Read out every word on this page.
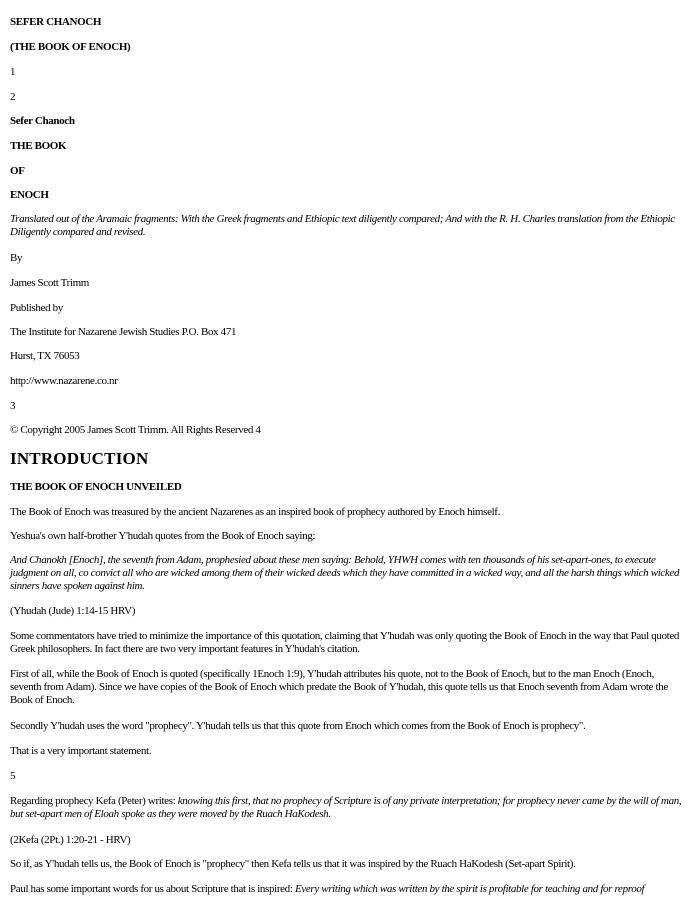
SEFER CHANOCH

(THE BOOK OF ENOCH)

1

2

Sefer Chanoch

THE BOOK

OF

ENOCH

Translated out of the Aramaic fragments: With the Greek fragments and Ethiopic text diligently compared; And with the R. H. Charles translation from the Ethiopic Diligently compared and revised.

By

James Scott Trimm

Published by

The Institute for Nazarene Jewish Studies P.O. Box 471

Hurst, TX 76053

http://www.nazarene.co.nr

3

© Copyright 2005 James Scott Trimm. All Rights Reserved 4

INTRODUCTION

THE BOOK OF ENOCH UNVEILED

The Book of Enoch was treasured by the ancient Nazarenes as an inspired book of prophecy authored by Enoch himself.

Yeshua's own half-brother Y'hudah quotes from the Book of Enoch saying:

And Chanokh [Enoch], the seventh from Adam, prophesied about these men saying: Behold, YHWH comes with ten thousands of his set-apart-ones, to execute judgment on all, co convict all who are wicked among them of their wicked deeds which they have committed in a wicked way, and all the harsh things which wicked sinners have spoken against him.

(Yhudah (Jude) 1:14-15 HRV)

Some commentators have tried to minimize the importance of this quotation, claiming that Y'hudah was only quoting the Book of Enoch in the way that Paul quoted Greek philosophers. In fact there are two very important features in Y'hudah's citation.

First of all, while the Book of Enoch is quoted (specifically 1Enoch 1:9), Y'hudah attributes his quote, not to the Book of Enoch, but to the man Enoch (Enoch, seventh from Adam). Since we have copies of the Book of Enoch which predate the Book of Y'hudah, this quote tells us that Enoch seventh from Adam wrote the Book of Enoch.

Secondly Y'hudah uses the word "prophecy". Y'hudah tells us that this quote from Enoch which comes from the Book of Enoch is prophecy".

That is a very important statement.

5

Regarding prophecy Kefa (Peter) writes: knowing this first, that no prophecy of Scripture is of any private interpretation; for prophecy never came by the will of man, but set-apart men of Eloah spoke as they were moved by the Ruach HaKodesh.

(2Kefa (2Pt.) 1:20-21 - HRV)

So if, as Y'hudah tells us, the Book of Enoch is "prophecy" then Kefa tells us that it was inspired by the Ruach HaKodesh (Set-apart Spirit).

Paul has some important words for us about Scripture that is inspired: Every writing which was written by the spirit is profitable for teaching and for reproof
